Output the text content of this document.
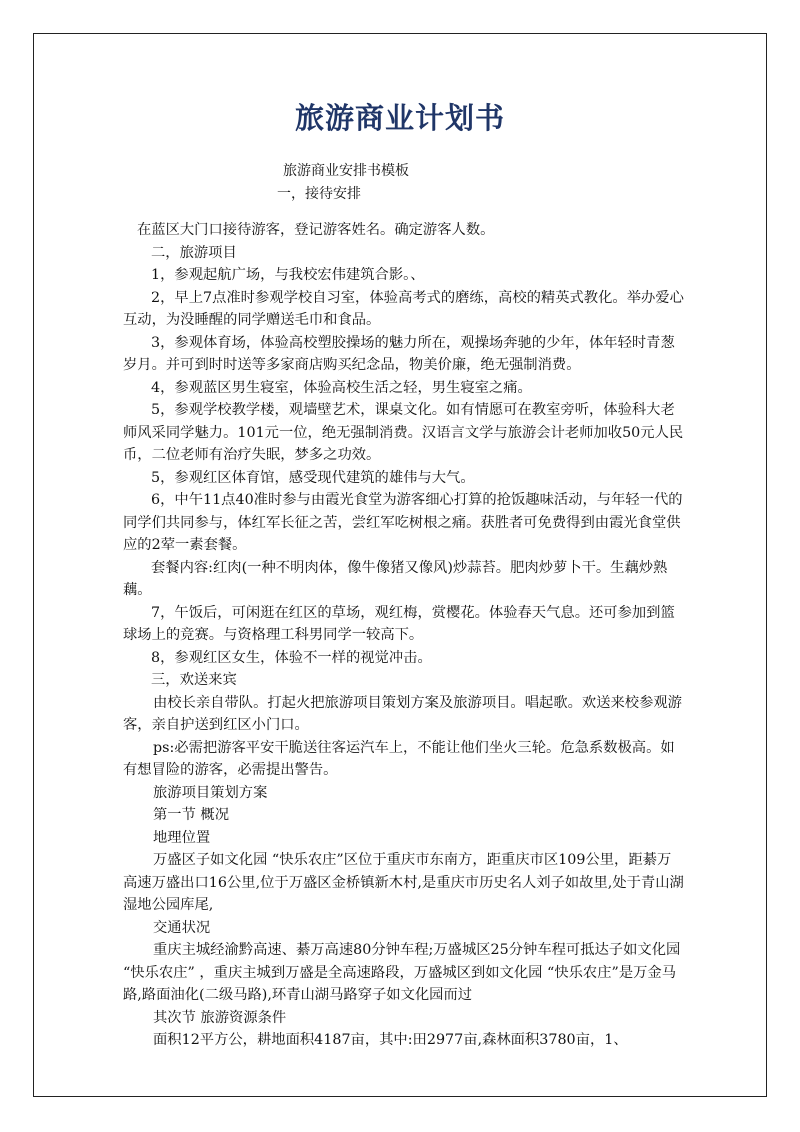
旅游商业计划书
旅游商业安排书模板
一，接待安排

在蓝区大门口接待游客，登记游客姓名。确定游客人数。

二，旅游项目

1，参观起航广场，与我校宏伟建筑合影。、

2，早上7点准时参观学校自习室，体验高考式的磨练，高校的精英式教化。举办爱心互动，为没睡醒的同学赠送毛巾和食品。

3，参观体育场，体验高校塑胶操场的魅力所在，观操场奔驰的少年，体年轻时青葱岁月。并可到时时送等多家商店购买纪念品，物美价廉，绝无强制消费。

4，参观蓝区男生寝室，体验高校生活之轻，男生寝室之痛。

5，参观学校教学楼，观墙壁艺术，课桌文化。如有情愿可在教室旁听，体验科大老师风采同学魅力。101元一位，绝无强制消费。汉语言文学与旅游会计老师加收50元人民币，二位老师有治疗失眠，梦多之功效。

5，参观红区体育馆，感受现代建筑的雄伟与大气。

6，中午11点40准时参与由霞光食堂为游客细心打算的抢饭趣味活动，与年轻一代的同学们共同参与，体红军长征之苦，尝红军吃树根之痛。获胜者可免费得到由霞光食堂供应的2荤一素套餐。

套餐内容:红肉(一种不明肉体，像牛像猪又像风)炒蒜苔。肥肉炒萝卜干。生藕炒熟藕。

7，午饭后，可闲逛在红区的草场，观红梅，赏樱花。体验春天气息。还可参加到篮球场上的竞赛。与资格理工科男同学一较高下。

8，参观红区女生，体验不一样的视觉冲击。

三，欢送来宾

由校长亲自带队。打起火把旅游项目策划方案及旅游项目。唱起歌。欢送来校参观游客，亲自护送到红区小门口。

ps:必需把游客平安干脆送往客运汽车上，不能让他们坐火三轮。危急系数极高。如有想冒险的游客，必需提出警告。

旅游项目策划方案

第一节 概况

地理位置

万盛区子如文化园 “快乐农庄”区位于重庆市东南方，距重庆市区109公里，距綦万高速万盛出口16公里,位于万盛区金桥镇新木村,是重庆市历史名人刘子如故里,处于青山湖湿地公园库尾,

交通状况

重庆主城经渝黔高速、綦万高速80分钟车程;万盛城区25分钟车程可抵达子如文化园 “快乐农庄” ，重庆主城到万盛是全高速路段，万盛城区到如文化园 “快乐农庄”是万金马路,路面油化(二级马路),环青山湖马路穿子如文化园而过

其次节 旅游资源条件

面积12平方公，耕地面积4187亩，其中:田2977亩,森林面积3780亩，1、
